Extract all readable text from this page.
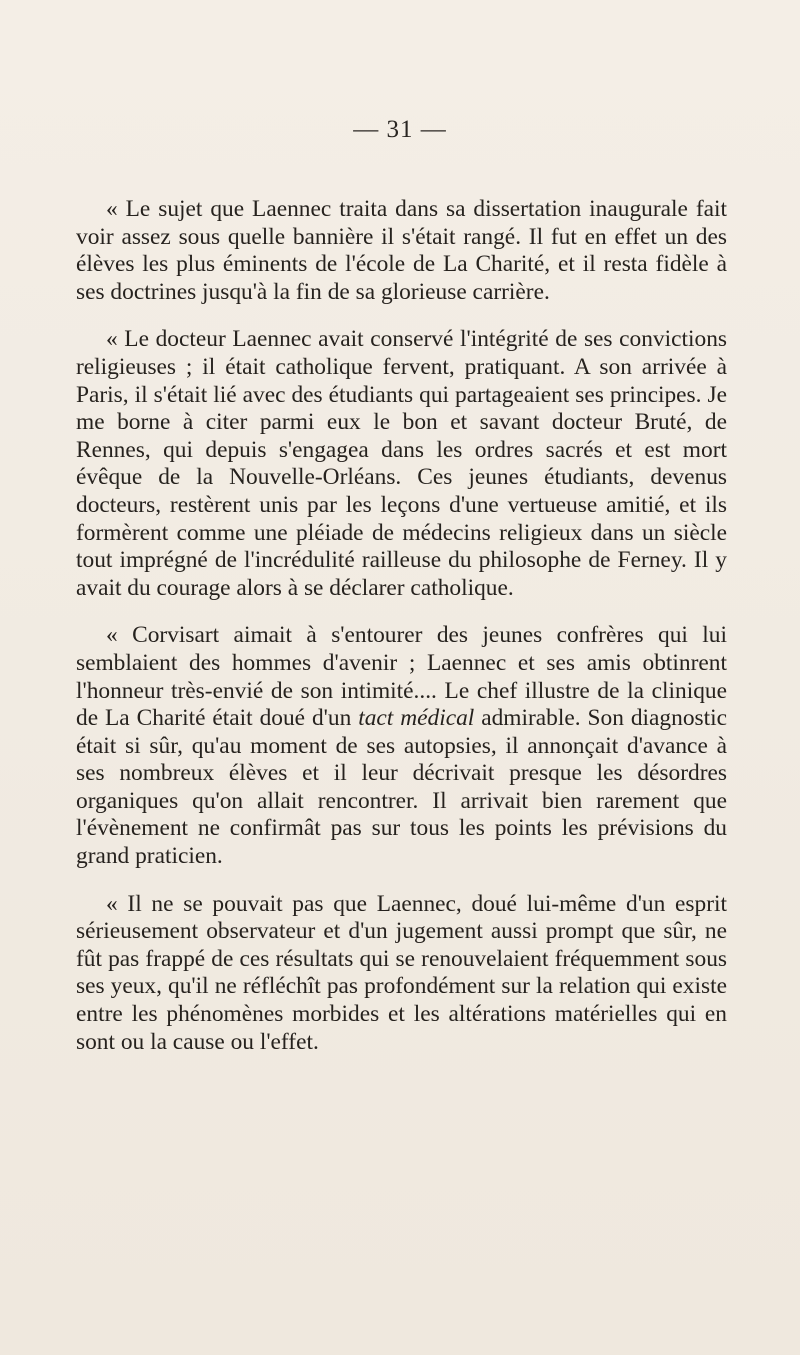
— 31 —

« Le sujet que Laennec traita dans sa dissertation inaugurale fait voir assez sous quelle bannière il s'était rangé. Il fut en effet un des élèves les plus éminents de l'école de La Charité, et il resta fidèle à ses doctrines jusqu'à la fin de sa glorieuse carrière.

« Le docteur Laennec avait conservé l'intégrité de ses convictions religieuses ; il était catholique fervent, pratiquant. A son arrivée à Paris, il s'était lié avec des étudiants qui partageaient ses principes. Je me borne à citer parmi eux le bon et savant docteur Bruté, de Rennes, qui depuis s'engagea dans les ordres sacrés et est mort évêque de la Nouvelle-Orléans. Ces jeunes étudiants, devenus docteurs, restèrent unis par les leçons d'une vertueuse amitié, et ils formèrent comme une pléiade de médecins religieux dans un siècle tout imprégné de l'incrédulité railleuse du philosophe de Ferney. Il y avait du courage alors à se déclarer catholique.

« Corvisart aimait à s'entourer des jeunes confrères qui lui semblaient des hommes d'avenir ; Laennec et ses amis obtinrent l'honneur très-envié de son intimité.... Le chef illustre de la clinique de La Charité était doué d'un tact médical admirable. Son diagnostic était si sûr, qu'au moment de ses autopsies, il annonçait d'avance à ses nombreux élèves et il leur décrivait presque les désordres organiques qu'on allait rencontrer. Il arrivait bien rarement que l'évènement ne confirmât pas sur tous les points les prévisions du grand praticien.

« Il ne se pouvait pas que Laennec, doué lui-même d'un esprit sérieusement observateur et d'un jugement aussi prompt que sûr, ne fût pas frappé de ces résultats qui se renouvelaient fréquemment sous ses yeux, qu'il ne réfléchît pas profondément sur la relation qui existe entre les phénomènes morbides et les altérations matérielles qui en sont ou la cause ou l'effet.
